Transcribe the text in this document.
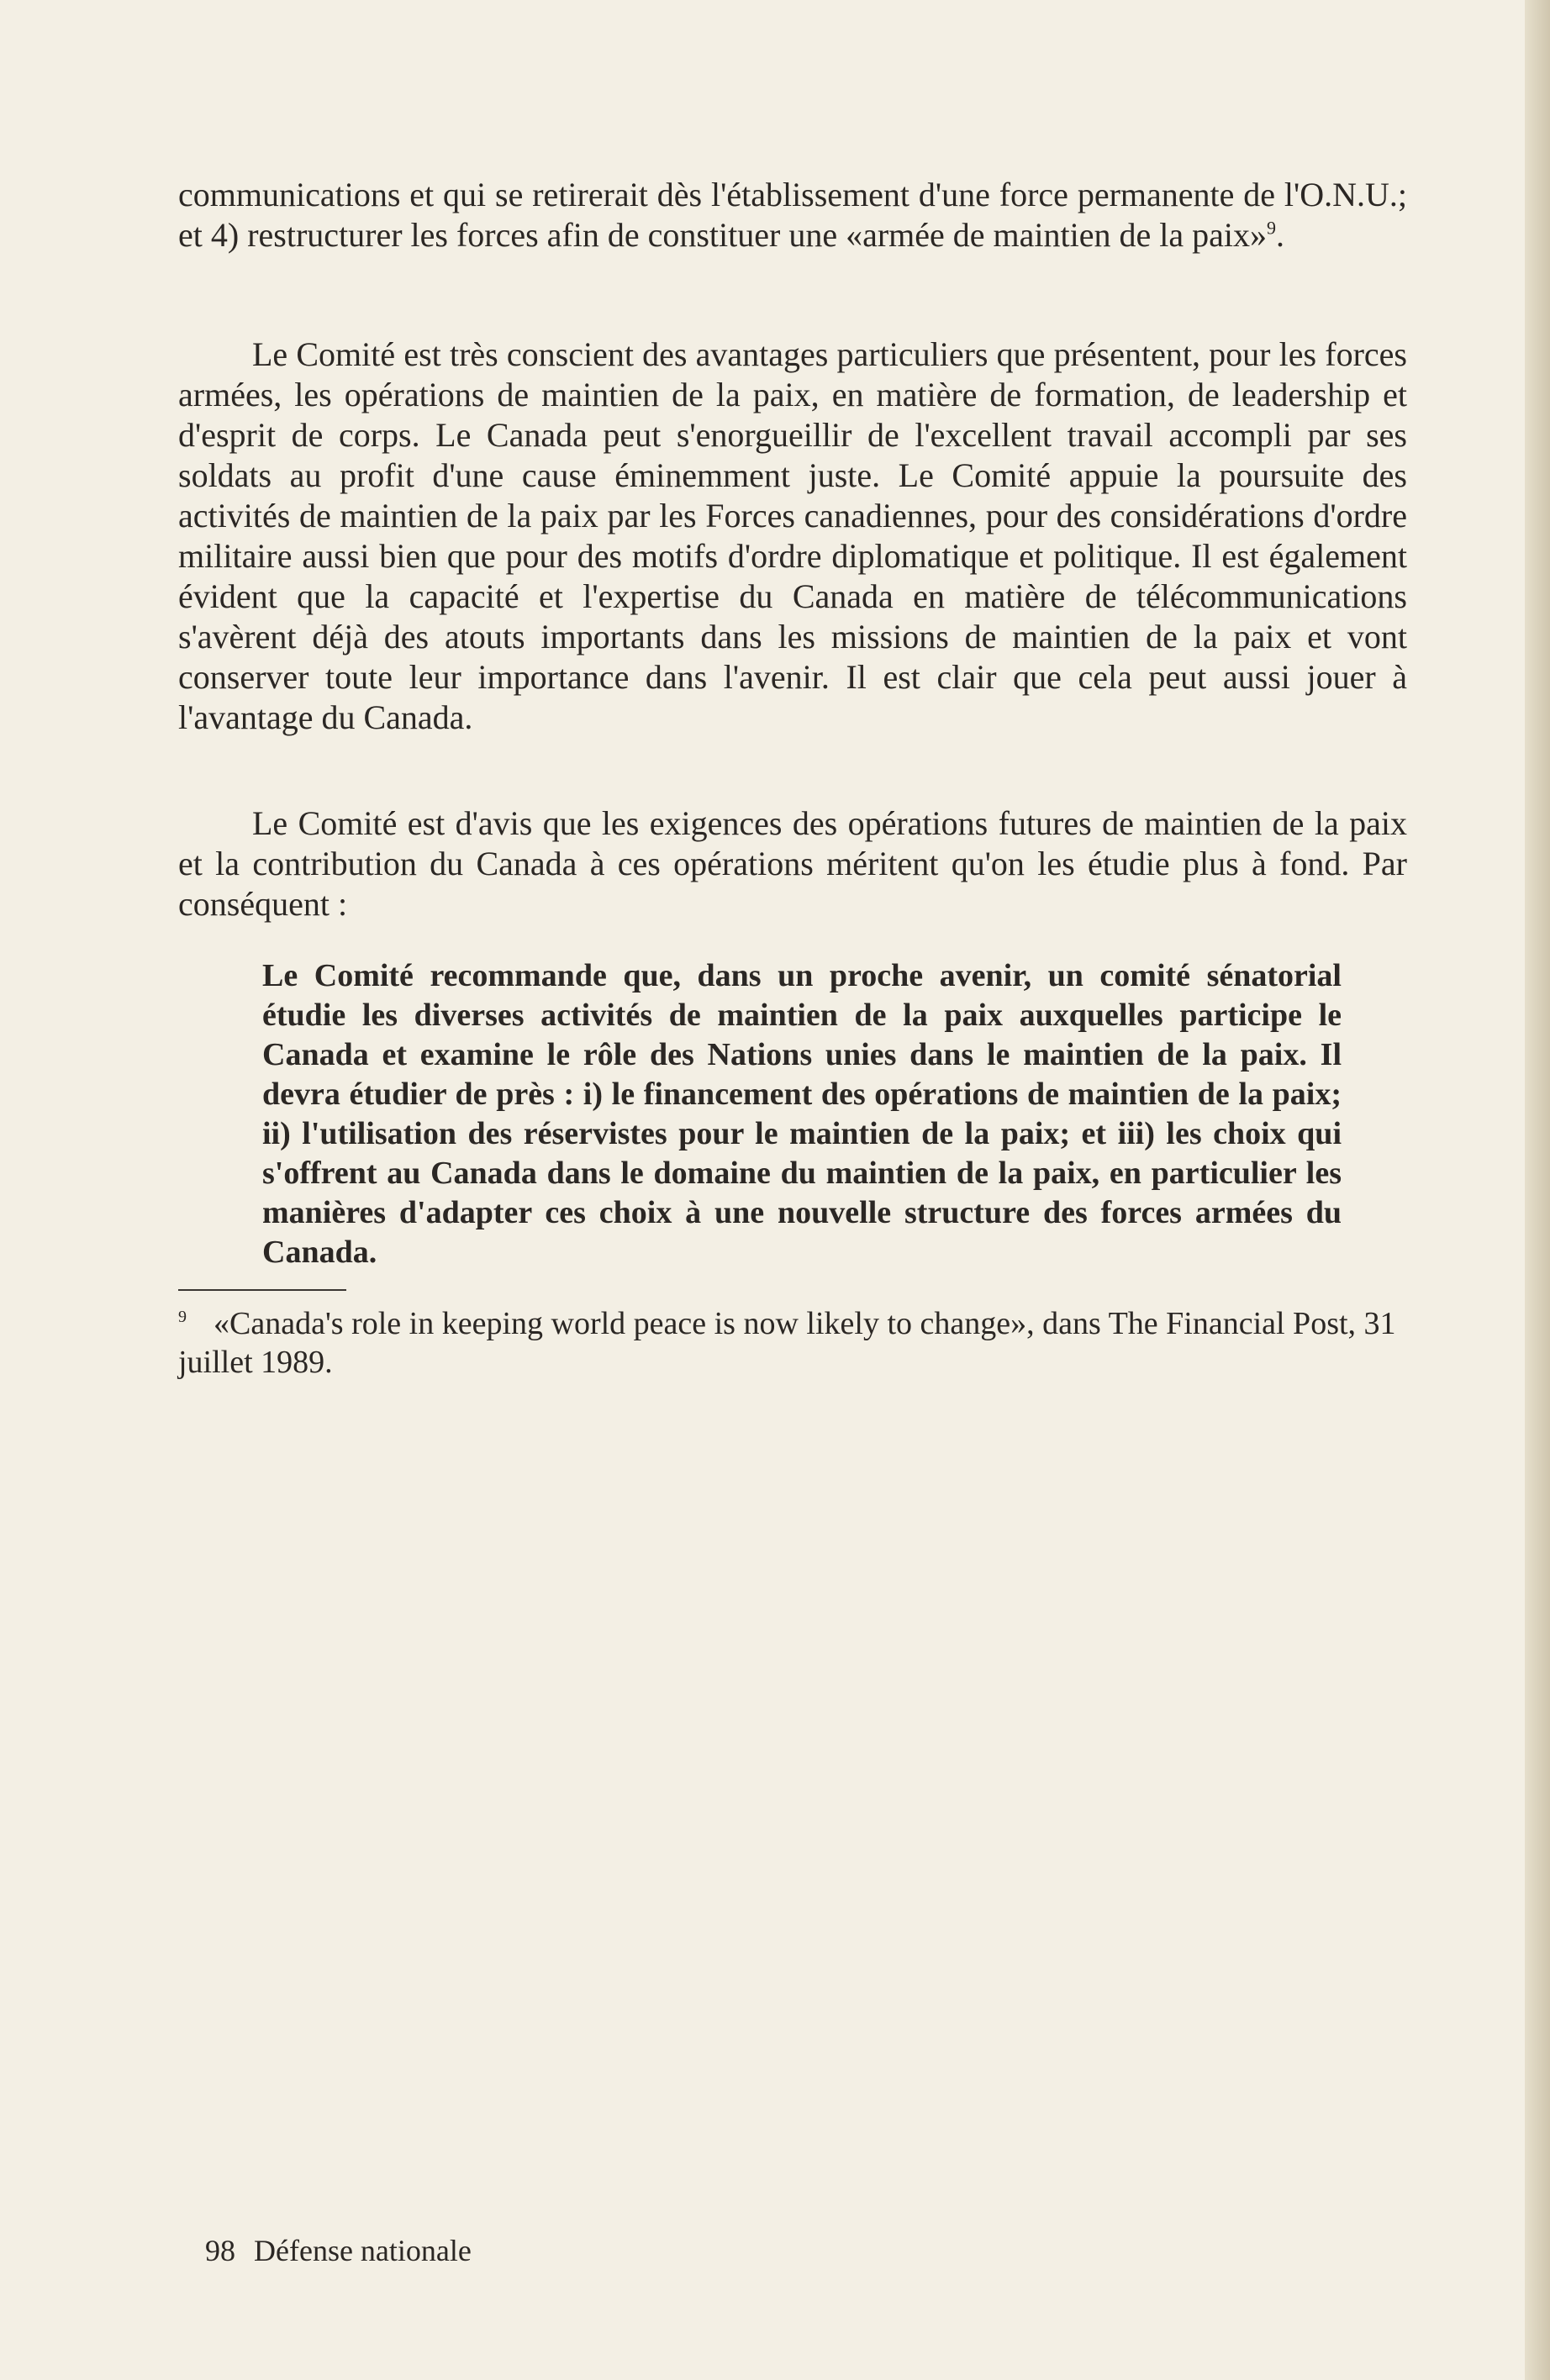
communications et qui se retirerait dès l'établissement d'une force permanente de l'O.N.U.; et 4) restructurer les forces afin de constituer une «armée de maintien de la paix»$^9$.

Le Comité est très conscient des avantages particuliers que présentent, pour les forces armées, les opérations de maintien de la paix, en matière de formation, de leadership et d'esprit de corps. Le Canada peut s'enorgueillir de l'excellent travail accompli par ses soldats au profit d'une cause éminemment juste. Le Comité appuie la poursuite des activités de maintien de la paix par les Forces canadiennes, pour des considérations d'ordre militaire aussi bien que pour des motifs d'ordre diplomatique et politique. Il est également évident que la capacité et l'expertise du Canada en matière de télécommunications s'avèrent déjà des atouts importants dans les missions de maintien de la paix et vont conserver toute leur importance dans l'avenir. Il est clair que cela peut aussi jouer à l'avantage du Canada.

Le Comité est d'avis que les exigences des opérations futures de maintien de la paix et la contribution du Canada à ces opérations méritent qu'on les étudie plus à fond. Par conséquent :

Le Comité recommande que, dans un proche avenir, un comité sénatorial étudie les diverses activités de maintien de la paix auxquelles participe le Canada et examine le rôle des Nations unies dans le maintien de la paix. Il devra étudier de près : i) le financement des opérations de maintien de la paix; ii) l'utilisation des réservistes pour le maintien de la paix; et iii) les choix qui s'offrent au Canada dans le domaine du maintien de la paix, en particulier les manières d'adapter ces choix à une nouvelle structure des forces armées du Canada.
9 «Canada's role in keeping world peace is now likely to change», dans The Financial Post, 31 juillet 1989.
98 Défense nationale
